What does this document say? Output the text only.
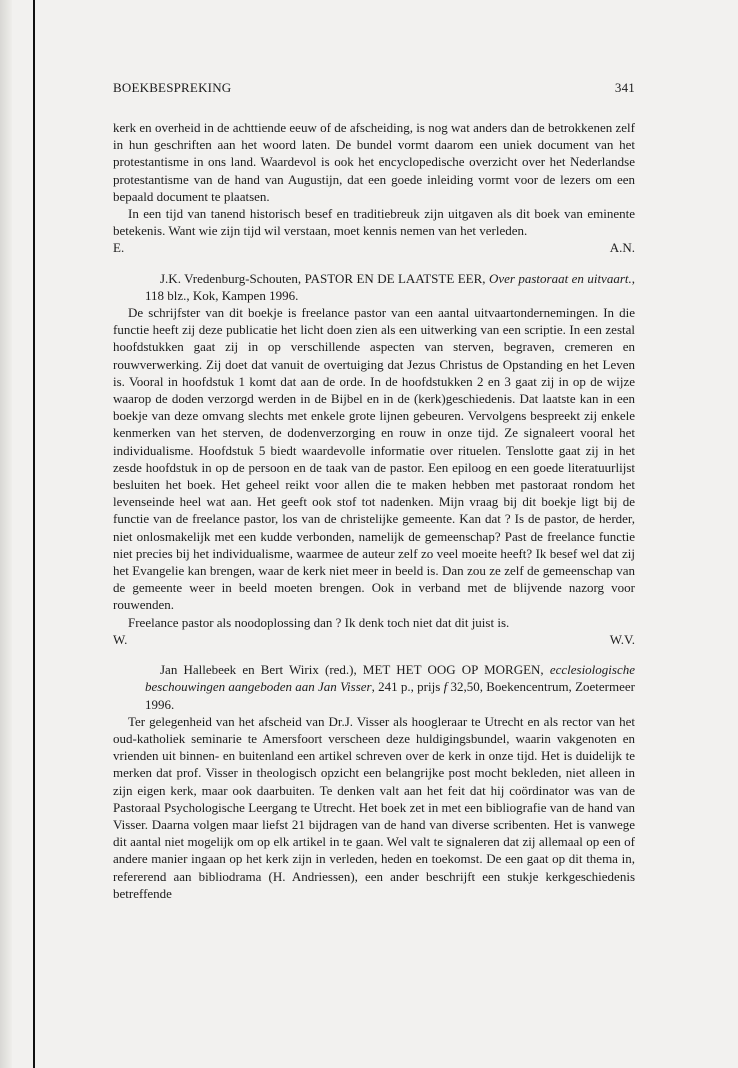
BOEKBESPREKING	341

kerk en overheid in de achttiende eeuw of de afscheiding, is nog wat anders dan de betrokkenen zelf in hun geschriften aan het woord laten. De bundel vormt daarom een uniek document van het protestantisme in ons land. Waardevol is ook het encyclopedische overzicht over het Nederlandse protestantisme van de hand van Augustijn, dat een goede inleiding vormt voor de lezers om een bepaald document te plaatsen.

In een tijd van tanend historisch besef en traditiebreuk zijn uitgaven als dit boek van eminente betekenis. Want wie zijn tijd wil verstaan, moet kennis nemen van het verleden.

E.	A.N.

J.K. Vredenburg-Schouten, PASTOR EN DE LAATSTE EER, Over pastoraat en uitvaart., 118 blz., Kok, Kampen 1996.

De schrijfster van dit boekje is freelance pastor van een aantal uitvaartondernemingen. In die functie heeft zij deze publicatie het licht doen zien als een uitwerking van een scriptie. In een zestal hoofdstukken gaat zij in op verschillende aspecten van sterven, begraven, cremeren en rouwverwerking. Zij doet dat vanuit de overtuiging dat Jezus Christus de Opstanding en het Leven is. Vooral in hoofdstuk 1 komt dat aan de orde. In de hoofdstukken 2 en 3 gaat zij in op de wijze waarop de doden verzorgd werden in de Bijbel en in de (kerk)geschiedenis. Dat laatste kan in een boekje van deze omvang slechts met enkele grote lijnen gebeuren. Vervolgens bespreekt zij enkele kenmerken van het sterven, de dodenverzorging en rouw in onze tijd. Ze signaleert vooral het individualisme. Hoofdstuk 5 biedt waardevolle informatie over rituelen. Tenslotte gaat zij in het zesde hoofdstuk in op de persoon en de taak van de pastor. Een epiloog en een goede literatuurlijst besluiten het boek. Het geheel reikt voor allen die te maken hebben met pastoraat rondom het levenseinde heel wat aan. Het geeft ook stof tot nadenken. Mijn vraag bij dit boekje ligt bij de functie van de freelance pastor, los van de christelijke gemeente. Kan dat ? Is de pastor, de herder, niet onlosmakelijk met een kudde verbonden, namelijk de gemeenschap? Past de freelance functie niet precies bij het individualisme, waarmee de auteur zelf zo veel moeite heeft? Ik besef wel dat zij het Evangelie kan brengen, waar de kerk niet meer in beeld is. Dan zou ze zelf de gemeenschap van de gemeente weer in beeld moeten brengen. Ook in verband met de blijvende nazorg voor rouwenden.

Freelance pastor als noodoplossing dan ? Ik denk toch niet dat dit juist is.

W.	W.V.

Jan Hallebeek en Bert Wirix (red.), MET HET OOG OP MORGEN, ecclesiologische beschouwingen aangeboden aan Jan Visser, 241 p., prijs f 32,50, Boekencentrum, Zoetermeer 1996.

Ter gelegenheid van het afscheid van Dr.J. Visser als hoogleraar te Utrecht en als rector van het oud-katholiek seminarie te Amersfoort verscheen deze huldigingsbundel, waarin vakgenoten en vrienden uit binnen- en buitenland een artikel schreven over de kerk in onze tijd. Het is duidelijk te merken dat prof. Visser in theologisch opzicht een belangrijke post mocht bekleden, niet alleen in zijn eigen kerk, maar ook daarbuiten. Te denken valt aan het feit dat hij coördinator was van de Pastoraal Psychologische Leergang te Utrecht. Het boek zet in met een bibliografie van de hand van Visser. Daarna volgen maar liefst 21 bijdragen van de hand van diverse scribenten. Het is vanwege dit aantal niet mogelijk om op elk artikel in te gaan. Wel valt te signaleren dat zij allemaal op een of andere manier ingaan op het kerk zijn in verleden, heden en toekomst. De een gaat op dit thema in, refererend aan bibliodrama (H. Andriessen), een ander beschrijft een stukje kerkgeschiedenis betreffende
